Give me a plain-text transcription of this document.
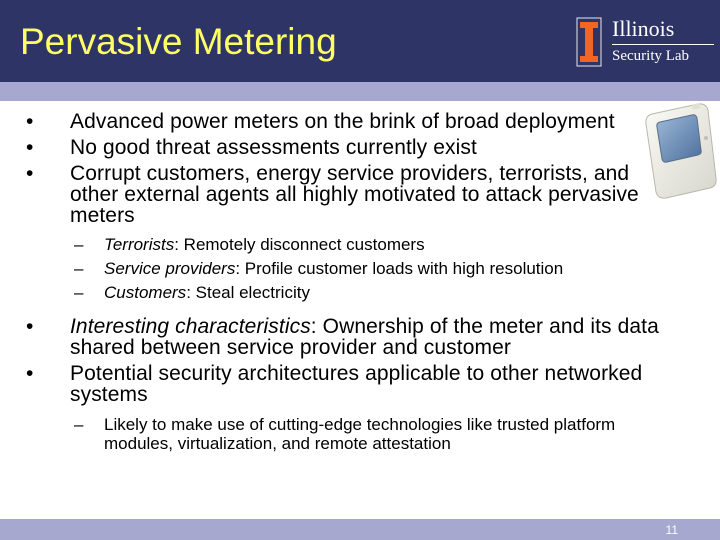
Pervasive Metering	Illinois
Security Lab
• Advanced power meters on the brink of broad deployment
• No good threat assessments currently exist
• Corrupt customers, energy service providers, terrorists, and other external agents all highly motivated to attack pervasive meters
– Terrorists: Remotely disconnect customers
– Service providers: Profile customer loads with high resolution
– Customers: Steal electricity
• Interesting characteristics: Ownership of the meter and its data shared between service provider and customer
• Potential security architectures applicable to other networked systems
– Likely to make use of cutting-edge technologies like trusted platform modules, virtualization, and remote attestation
11
